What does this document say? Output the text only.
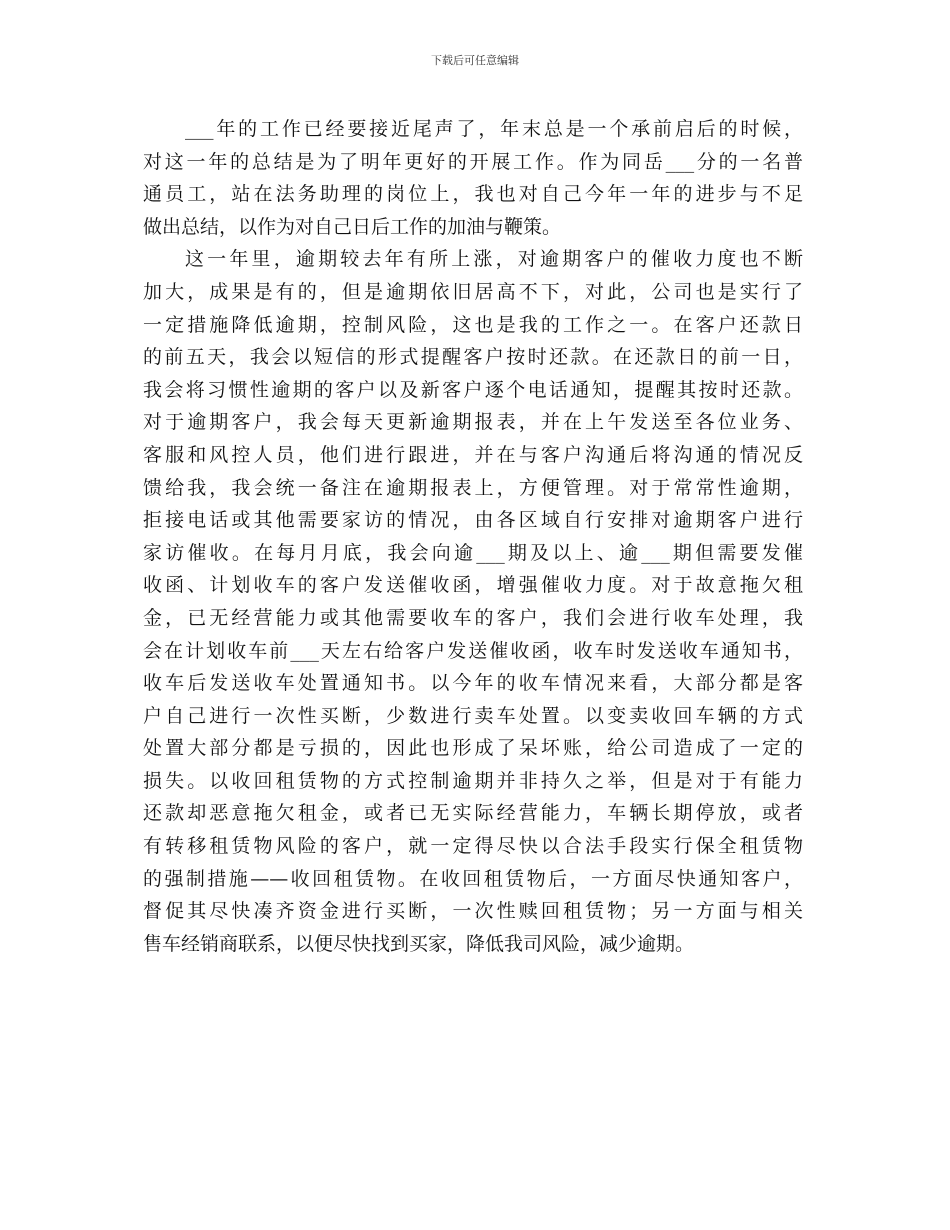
下载后可任意编辑
___年的工作已经要接近尾声了，年末总是一个承前启后的时候，
对这一年的总结是为了明年更好的开展工作。作为同岳___分的一名普
通员工，站在法务助理的岗位上，我也对自己今年一年的进步与不足
做出总结，以作为对自己日后工作的加油与鞭策。
这一年里，逾期较去年有所上涨，对逾期客户的催收力度也不断
加大，成果是有的，但是逾期依旧居高不下，对此，公司也是实行了
一定措施降低逾期，控制风险，这也是我的工作之一。在客户还款日
的前五天，我会以短信的形式提醒客户按时还款。在还款日的前一日，
我会将习惯性逾期的客户以及新客户逐个电话通知，提醒其按时还款。
对于逾期客户，我会每天更新逾期报表，并在上午发送至各位业务、
客服和风控人员，他们进行跟进，并在与客户沟通后将沟通的情况反
馈给我，我会统一备注在逾期报表上，方便管理。对于常常性逾期，
拒接电话或其他需要家访的情况，由各区域自行安排对逾期客户进行
家访催收。在每月月底，我会向逾___期及以上、逾___期但需要发催
收函、计划收车的客户发送催收函，增强催收力度。对于故意拖欠租
金，已无经营能力或其他需要收车的客户，我们会进行收车处理，我
会在计划收车前___天左右给客户发送催收函，收车时发送收车通知书，
收车后发送收车处置通知书。以今年的收车情况来看，大部分都是客
户自己进行一次性买断，少数进行卖车处置。以变卖收回车辆的方式
处置大部分都是亏损的，因此也形成了呆坏账，给公司造成了一定的
损失。以收回租赁物的方式控制逾期并非持久之举，但是对于有能力
还款却恶意拖欠租金，或者已无实际经营能力，车辆长期停放，或者
有转移租赁物风险的客户，就一定得尽快以合法手段实行保全租赁物
的强制措施——收回租赁物。在收回租赁物后，一方面尽快通知客户，
督促其尽快凑齐资金进行买断，一次性赎回租赁物；另一方面与相关
售车经销商联系，以便尽快找到买家，降低我司风险，减少逾期。
